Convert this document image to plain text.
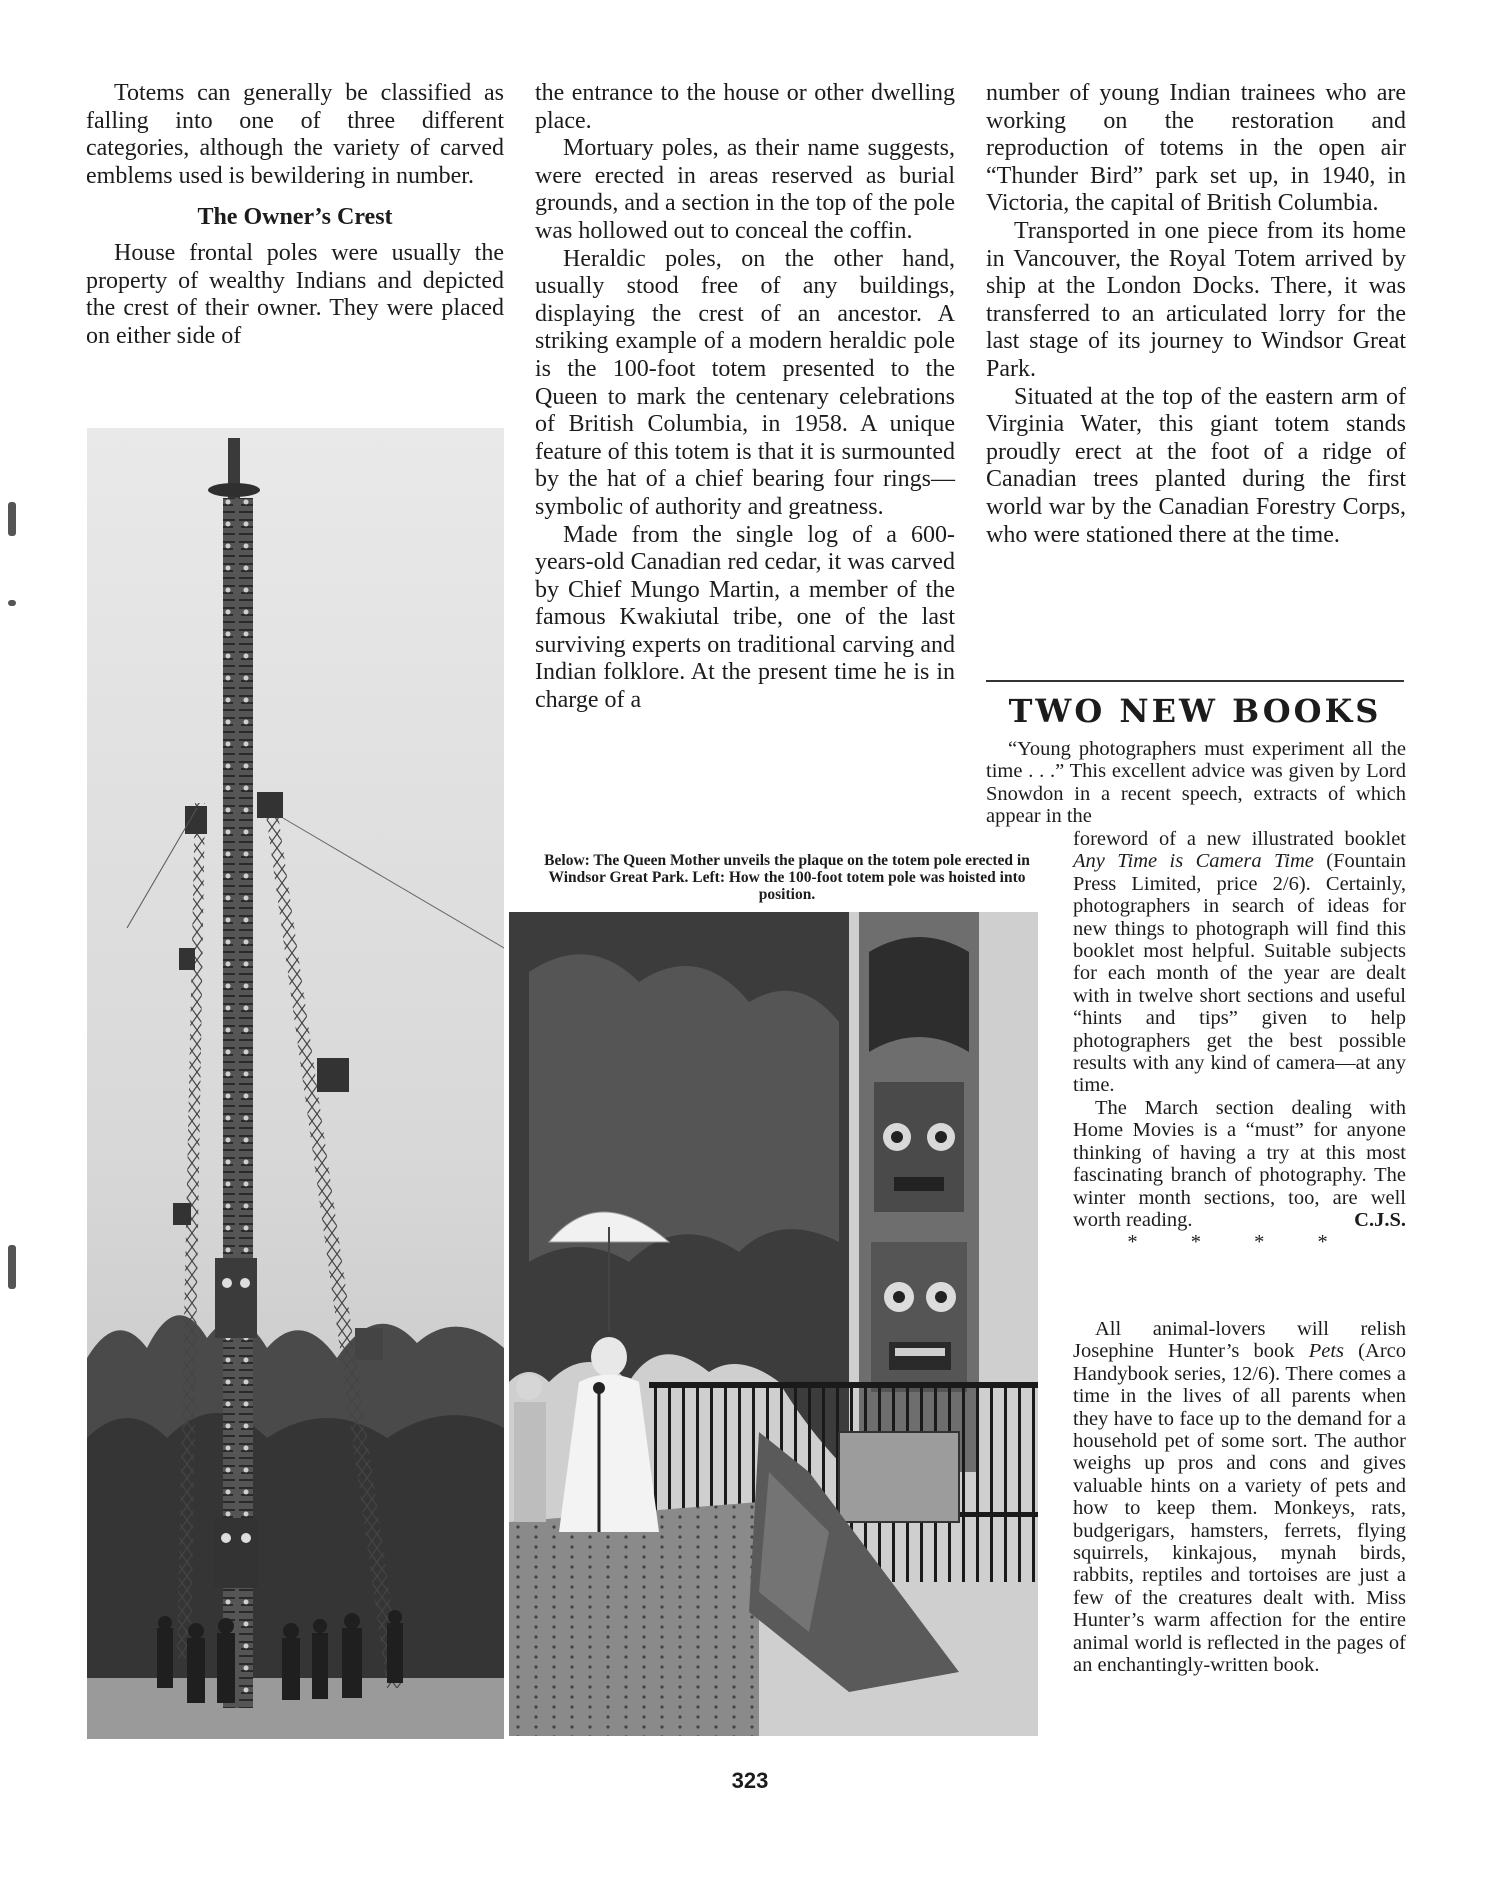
Totems can generally be classified as falling into one of three different categories, although the variety of carved emblems used is bewildering in number.

The Owner’s Crest

House frontal poles were usually the property of wealthy Indians and depicted the crest of their owner. They were placed on either side of

the entrance to the house or other dwelling place.

Mortuary poles, as their name suggests, were erected in areas reserved as burial grounds, and a section in the top of the pole was hollowed out to conceal the coffin.

Heraldic poles, on the other hand, usually stood free of any buildings, displaying the crest of an ancestor. A striking example of a modern heraldic pole is the 100-foot totem presented to the Queen to mark the centenary celebrations of British Columbia, in 1958. A unique feature of this totem is that it is surmounted by the hat of a chief bearing four rings—symbolic of authority and greatness.

Made from the single log of a 600-years-old Canadian red cedar, it was carved by Chief Mungo Martin, a member of the famous Kwakiutal tribe, one of the last surviving experts on traditional carving and Indian folklore. At the present time he is in charge of a

Below: The Queen Mother unveils the plaque on the totem pole erected in Windsor Great Park. Left: How the 100-foot totem pole was hoisted into position.

number of young Indian trainees who are working on the restoration and reproduction of totems in the open air “Thunder Bird” park set up, in 1940, in Victoria, the capital of British Columbia.

Transported in one piece from its home in Vancouver, the Royal Totem arrived by ship at the London Docks. There, it was transferred to an articulated lorry for the last stage of its journey to Windsor Great Park.

Situated at the top of the eastern arm of Virginia Water, this giant totem stands proudly erect at the foot of a ridge of Canadian trees planted during the first world war by the Canadian Forestry Corps, who were stationed there at the time.

TWO NEW BOOKS

“Young photographers must experiment all the time . . .” This excellent advice was given by Lord Snowdon in a recent speech, extracts of which appear in the

foreword of a new illustrated booklet Any Time is Camera Time (Fountain Press Limited, price 2/6). Certainly, photographers in search of ideas for new things to photograph will find this booklet most helpful. Suitable subjects for each month of the year are dealt with in twelve short sections and useful “hints and tips” given to help photographers get the best possible results with any kind of camera—at any time.

The March section dealing with Home Movies is a “must” for anyone thinking of having a try at this most fascinating branch of photography. The winter month sections, too, are well worth reading.	C.J.S.

* * * *

All animal-lovers will relish Josephine Hunter’s book Pets (Arco Handybook series, 12/6). There comes a time in the lives of all parents when they have to face up to the demand for a household pet of some sort. The author weighs up pros and cons and gives valuable hints on a variety of pets and how to keep them. Monkeys, rats, budgerigars, hamsters, ferrets, flying squirrels, kinkajous, mynah birds, rabbits, reptiles and tortoises are just a few of the creatures dealt with. Miss Hunter’s warm affection for the entire animal world is reflected in the pages of an enchantingly-written book.

323
